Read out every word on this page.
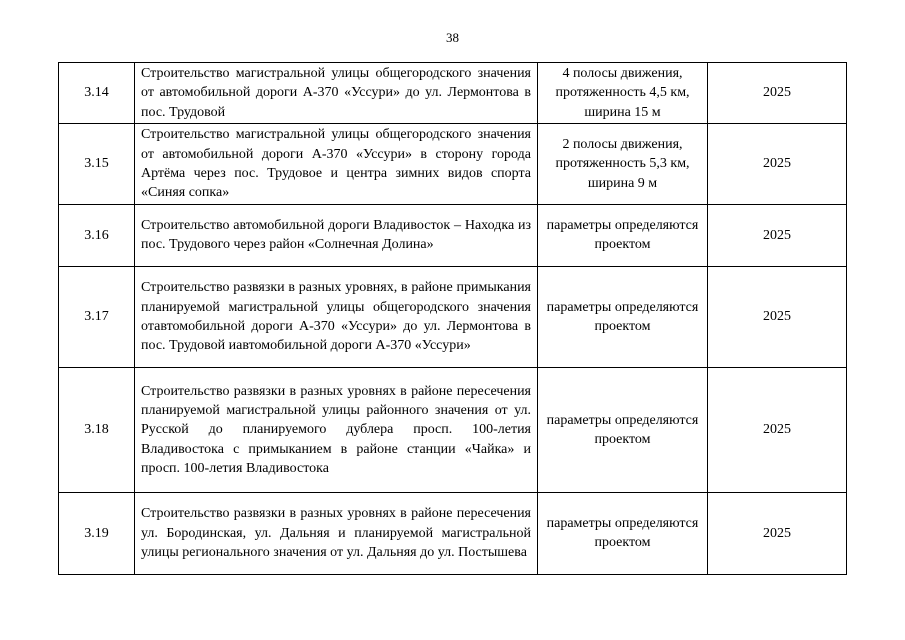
38
3.14	Строительство магистральной улицы общегородского значения от автомобильной дороги А-370 «Уссури» до ул. Лермонтова в пос. Трудовой	4 полосы движения, протяженность 4,5 км, ширина 15 м	2025
3.15	Строительство магистральной улицы общегородского значения от автомобильной дороги А-370 «Уссури» в сторону города Артёма через пос. Трудовое и центра зимних видов спорта «Синяя сопка»	2 полосы движения, протяженность 5,3 км, ширина 9 м	2025
3.16	Строительство автомобильной дороги Владивосток – Находка из пос. Трудового через район «Солнечная Долина»	параметры определяются проектом	2025
3.17	Строительство развязки в разных уровнях, в районе примыкания планируемой магистральной улицы общегородского значения отавтомобильной дороги А-370 «Уссури» до ул. Лермонтова в пос. Трудовой иавтомобильной дороги А-370 «Уссури»	параметры определяются проектом	2025
3.18	Строительство развязки в разных уровнях в районе пересечения планируемой магистральной улицы районного значения от ул. Русской до планируемого дублера просп. 100-летия Владивостока с примыканием в районе станции «Чайка» и просп. 100-летия Владивостока	параметры определяются проектом	2025
3.19	Строительство развязки в разных уровнях в районе пересечения ул. Бородинская, ул. Дальняя и планируемой магистральной улицы регионального значения от ул. Дальняя до ул. Постышева	параметры определяются проектом	2025
